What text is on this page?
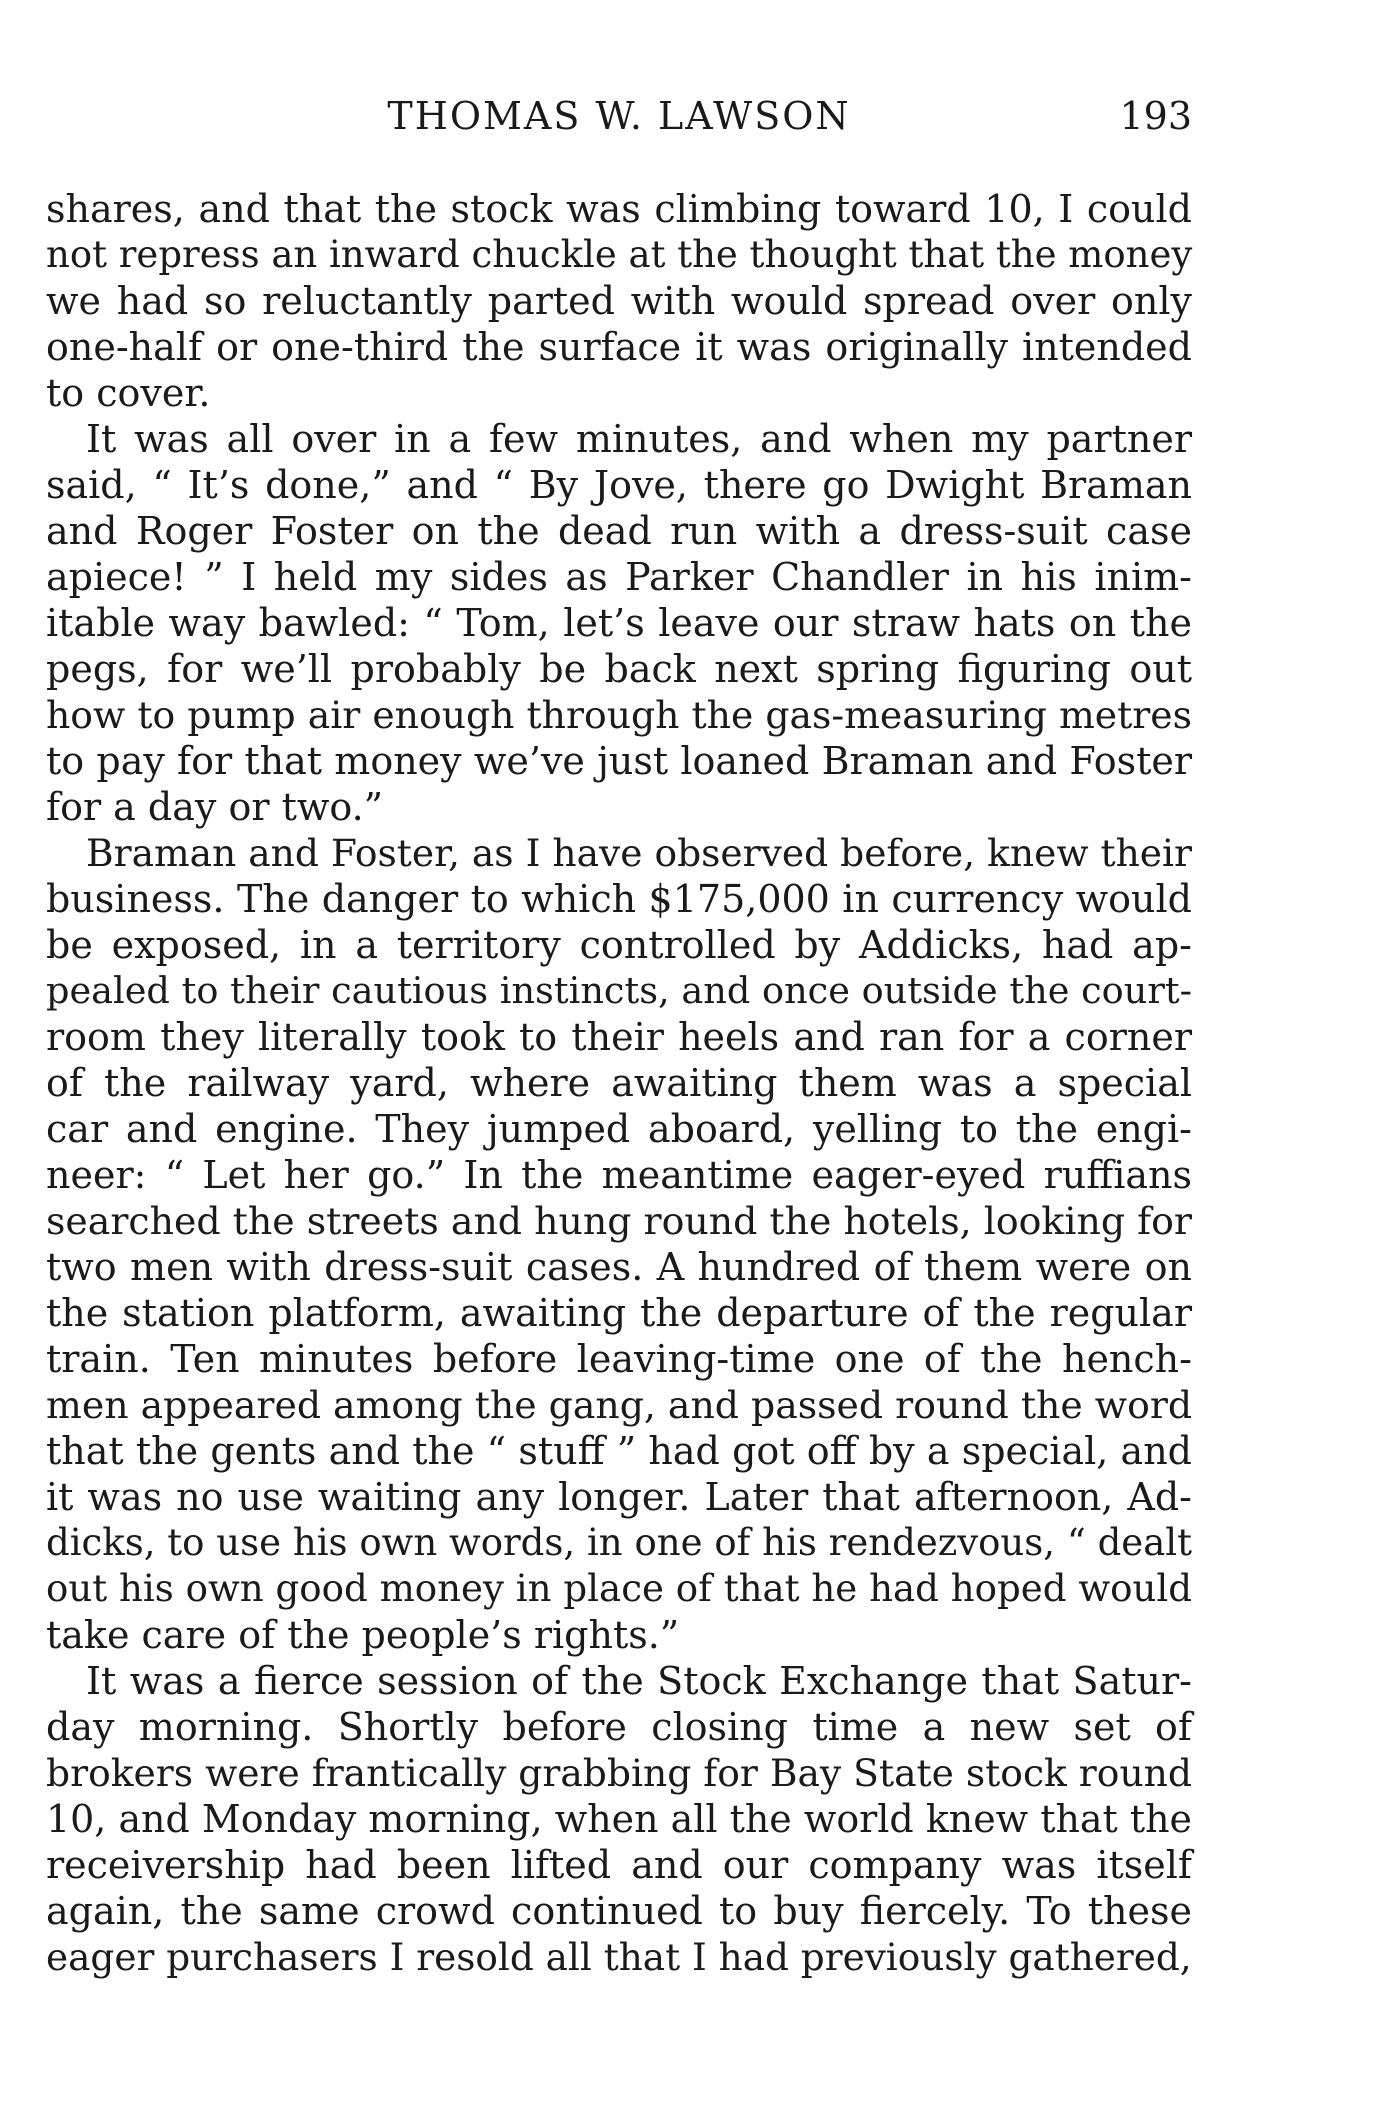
THOMAS W. LAWSON	193
shares, and that the stock was climbing toward 10, I could
not repress an inward chuckle at the thought that the money
we had so reluctantly parted with would spread over only
one-half or one-third the surface it was originally intended
to cover.
It was all over in a few minutes, and when my partner
said, “ It’s done,” and “ By Jove, there go Dwight Braman
and Roger Foster on the dead run with a dress-suit case
apiece! ” I held my sides as Parker Chandler in his inim-
itable way bawled: “ Tom, let’s leave our straw hats on the
pegs, for we’ll probably be back next spring figuring out
how to pump air enough through the gas-measuring metres
to pay for that money we’ve just loaned Braman and Foster
for a day or two.”
Braman and Foster, as I have observed before, knew their
business. The danger to which $175,000 in currency would
be exposed, in a territory controlled by Addicks, had ap-
pealed to their cautious instincts, and once outside the court-
room they literally took to their heels and ran for a corner
of the railway yard, where awaiting them was a special
car and engine. They jumped aboard, yelling to the engi-
neer: “ Let her go.” In the meantime eager-eyed ruffians
searched the streets and hung round the hotels, looking for
two men with dress-suit cases. A hundred of them were on
the station platform, awaiting the departure of the regular
train. Ten minutes before leaving-time one of the hench-
men appeared among the gang, and passed round the word
that the gents and the “ stuff ” had got off by a special, and
it was no use waiting any longer. Later that afternoon, Ad-
dicks, to use his own words, in one of his rendezvous, “ dealt
out his own good money in place of that he had hoped would
take care of the people’s rights.”
It was a fierce session of the Stock Exchange that Satur-
day morning. Shortly before closing time a new set of
brokers were frantically grabbing for Bay State stock round
10, and Monday morning, when all the world knew that the
receivership had been lifted and our company was itself
again, the same crowd continued to buy fiercely. To these
eager purchasers I resold all that I had previously gathered,
